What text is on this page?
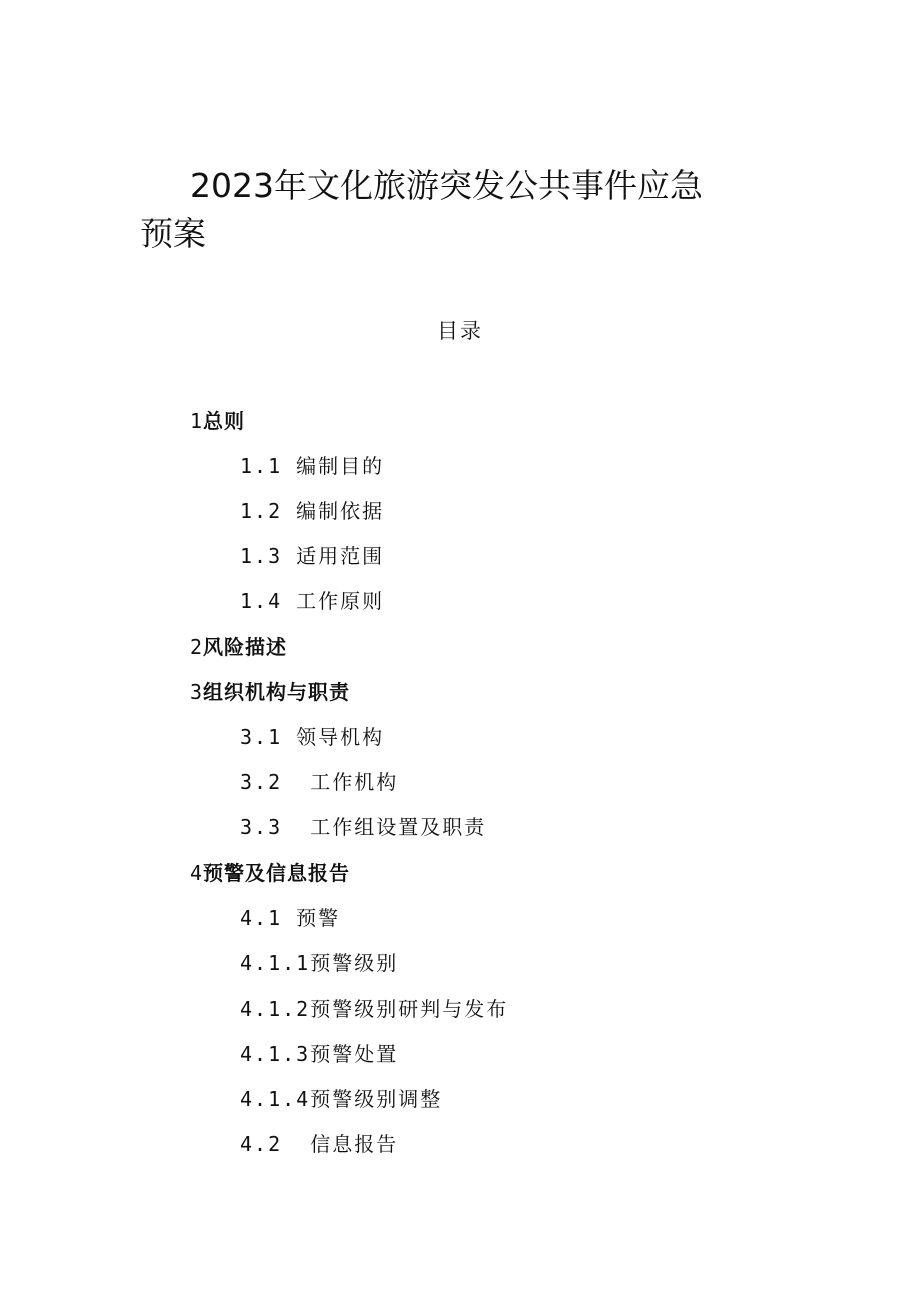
2023年文化旅游突发公共事件应急预案
目录
1总则
1.1 编制目的
1.2 编制依据
1.3 适用范围
1.4 工作原则
2风险描述
3组织机构与职责
3.1 领导机构
3.2 工作机构
3.3 工作组设置及职责
4预警及信息报告
4.1 预警
4.1.1预警级别
4.1.2预警级别研判与发布
4.1.3预警处置
4.1.4预警级别调整
4.2 信息报告
